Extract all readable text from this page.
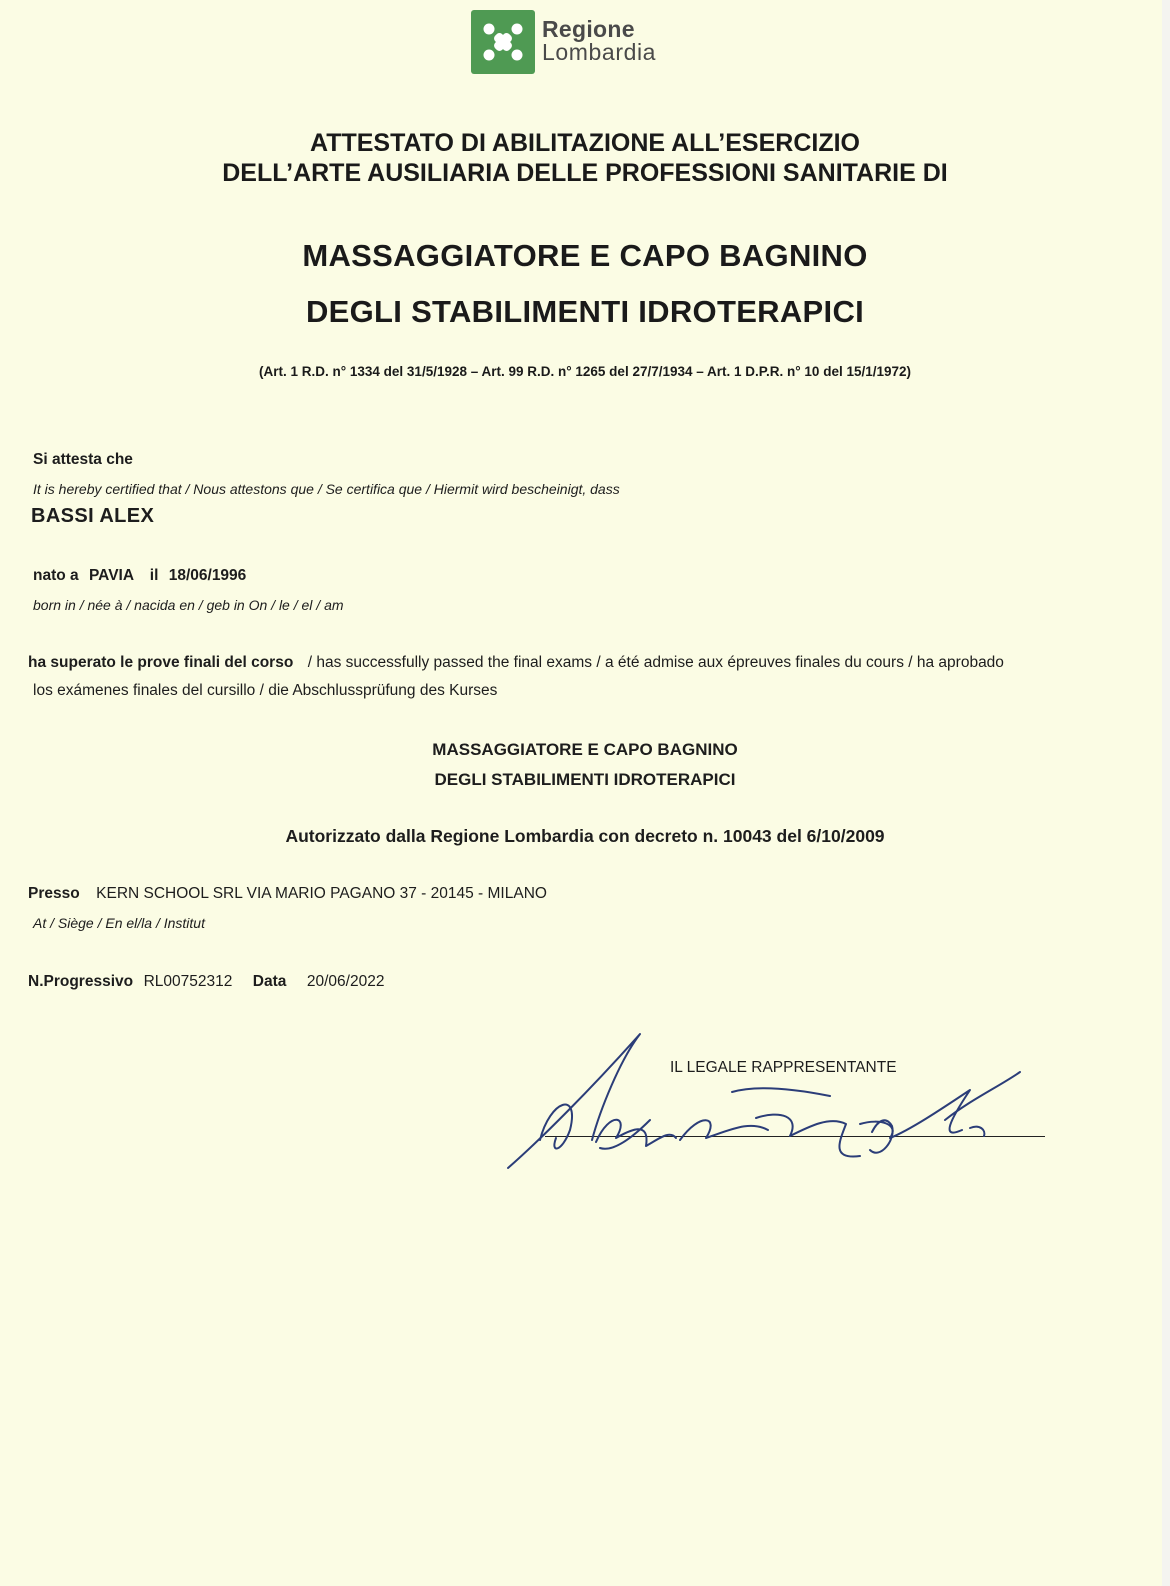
Regione
Lombardia
ATTESTATO DI ABILITAZIONE ALL’ESERCIZIO
DELL’ARTE AUSILIARIA DELLE PROFESSIONI SANITARIE DI
MASSAGGIATORE E CAPO BAGNINO
DEGLI STABILIMENTI IDROTERAPICI
(Art. 1 R.D. n° 1334 del 31/5/1928 – Art. 99 R.D. n° 1265 del 27/7/1934 – Art. 1 D.P.R. n° 10 del 15/1/1972)
Si attesta che
It is hereby certified that / Nous attestons que / Se certifica que / Hiermit wird bescheinigt, dass
BASSI ALEX
nato a PAVIA il 18/06/1996
born in / née à / nacida en / geb in On / le / el / am
ha superato le prove finali del corso / has successfully passed the final exams / a été admise aux épreuves finales du cours / ha aprobado
los exámenes finales del cursillo / die Abschlussprüfung des Kurses
MASSAGGIATORE E CAPO BAGNINO
DEGLI STABILIMENTI IDROTERAPICI
Autorizzato dalla Regione Lombardia con decreto n. 10043 del 6/10/2009
Presso KERN SCHOOL SRL VIA MARIO PAGANO 37 - 20145 - MILANO
At / Siège / En el/la / Institut
N.Progressivo RL00752312 Data 20/06/2022
IL LEGALE RAPPRESENTANTE
